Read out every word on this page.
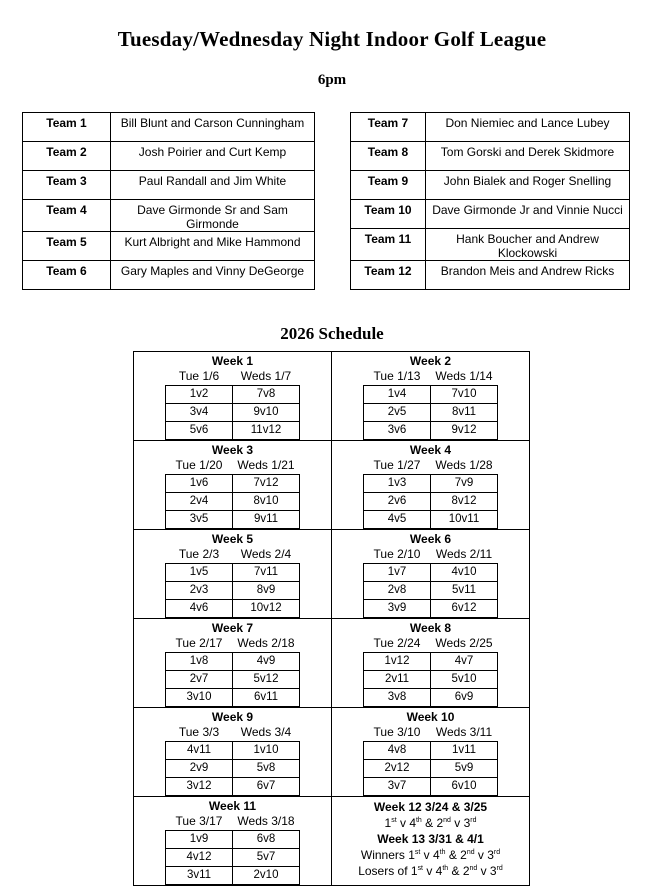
Tuesday/Wednesday Night Indoor Golf League
6pm
Team 1	Bill Blunt and Carson Cunningham
Team 2	Josh Poirier and Curt Kemp
Team 3	Paul Randall and Jim White
Team 4	Dave Girmonde Sr and Sam Girmonde
Team 5	Kurt Albright and Mike Hammond
Team 6	Gary Maples and Vinny DeGeorge
Team 7	Don Niemiec and Lance Lubey
Team 8	Tom Gorski and Derek Skidmore
Team 9	John Bialek and Roger Snelling
Team 10	Dave Girmonde Jr and Vinnie Nucci
Team 11	Hank Boucher and Andrew Klockowski
Team 12	Brandon Meis and Andrew Ricks
2026 Schedule
Week 1
Tue 1/6	Weds 1/7
1v2	7v8
3v4	9v10
5v6	11v12

Week 2
Tue 1/13	Weds 1/14
1v4	7v10
2v5	8v11
3v6	9v12

Week 3
Tue 1/20	Weds 1/21
1v6	7v12
2v4	8v10
3v5	9v11

Week 4
Tue 1/27	Weds 1/28
1v3	7v9
2v6	8v12
4v5	10v11

Week 5
Tue 2/3	Weds 2/4
1v5	7v11
2v3	8v9
4v6	10v12

Week 6
Tue 2/10	Weds 2/11
1v7	4v10
2v8	5v11
3v9	6v12

Week 7
Tue 2/17	Weds 2/18
1v8	4v9
2v7	5v12
3v10	6v11

Week 8
Tue 2/24	Weds 2/25
1v12	4v7
2v11	5v10
3v8	6v9

Week 9
Tue 3/3	Weds 3/4
4v11	1v10
2v9	5v8
3v12	6v7

Week 10
Tue 3/10	Weds 3/11
4v8	1v11
2v12	5v9
3v7	6v10

Week 11
Tue 3/17	Weds 3/18
1v9	6v8
4v12	5v7
3v11	2v10

Week 12 3/24 & 3/25
1st v 4th & 2nd v 3rd
Week 13 3/31 & 4/1
Winners 1st v 4th & 2nd v 3rd
Losers of 1st v 4th & 2nd v 3rd
